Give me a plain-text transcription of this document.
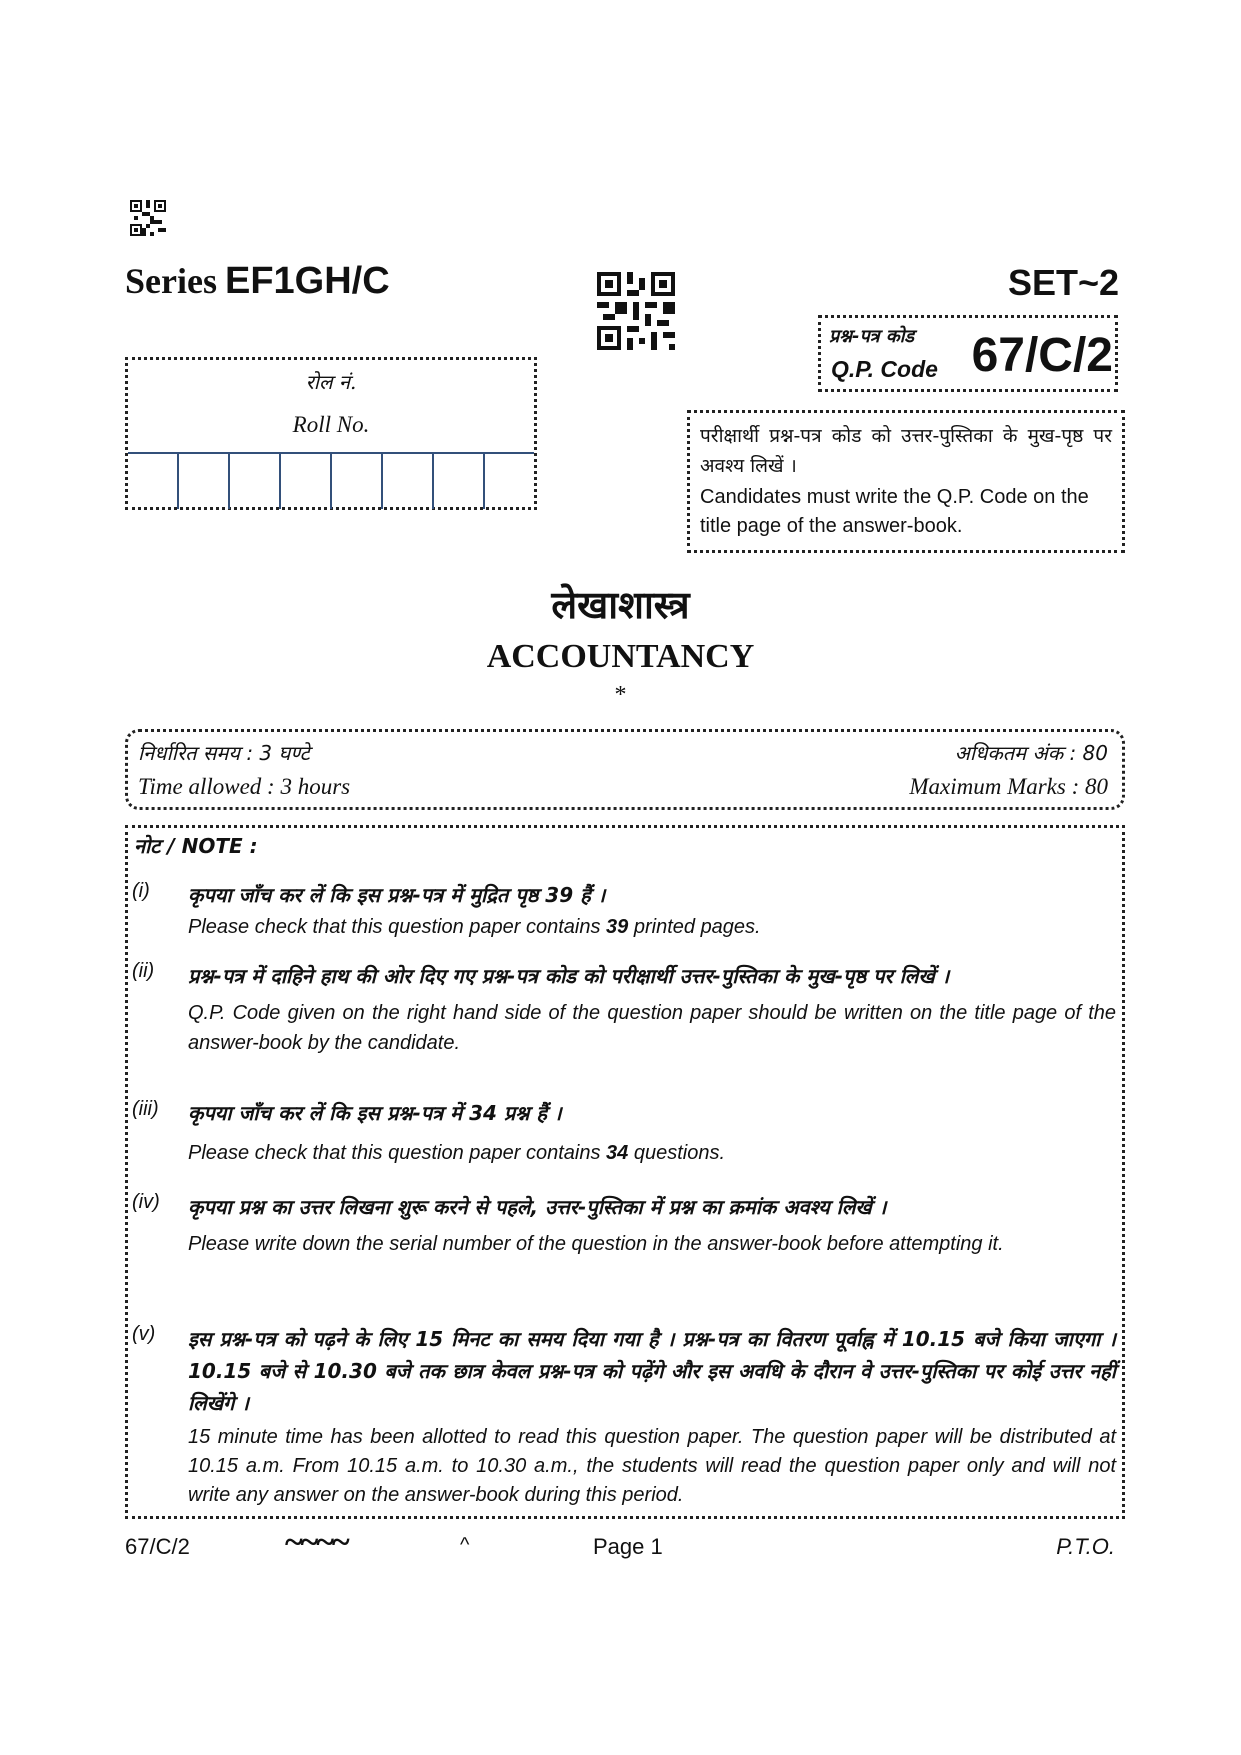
Series EF1GH/C	SET~2
प्रश्न-पत्र कोड
Q.P. Code 67/C/2
रोल नं.
Roll No.	परीक्षार्थी प्रश्न-पत्र कोड को उत्तर-पुस्तिका के मुख-पृष्ठ पर अवश्य लिखें ।
Candidates must write the Q.P. Code on the title page of the answer-book.
लेखाशास्त्र
ACCOUNTANCY
*
निर्धारित समय : 3 घण्टे
Time allowed : 3 hours
अधिकतम अंक : 80
Maximum Marks : 80
नोट / NOTE :
(i) कृपया जाँच कर लें कि इस प्रश्न-पत्र में मुद्रित पृष्ठ 39 हैं ।
Please check that this question paper contains 39 printed pages.
(ii) प्रश्न-पत्र में दाहिने हाथ की ओर दिए गए प्रश्न-पत्र कोड को परीक्षार्थी उत्तर-पुस्तिका के मुख-पृष्ठ पर लिखें ।
Q.P. Code given on the right hand side of the question paper should be written on the title page of the answer-book by the candidate.
(iii) कृपया जाँच कर लें कि इस प्रश्न-पत्र में 34 प्रश्न हैं ।
Please check that this question paper contains 34 questions.
(iv) कृपया प्रश्न का उत्तर लिखना शुरू करने से पहले, उत्तर-पुस्तिका में प्रश्न का क्रमांक अवश्य लिखें ।
Please write down the serial number of the question in the answer-book before attempting it.
(v) इस प्रश्न-पत्र को पढ़ने के लिए 15 मिनट का समय दिया गया है । प्रश्न-पत्र का वितरण पूर्वाह्न में 10.15 बजे किया जाएगा । 10.15 बजे से 10.30 बजे तक छात्र केवल प्रश्न-पत्र को पढ़ेंगे और इस अवधि के दौरान वे उत्तर-पुस्तिका पर कोई उत्तर नहीं लिखेंगे ।
15 minute time has been allotted to read this question paper. The question paper will be distributed at 10.15 a.m. From 10.15 a.m. to 10.30 a.m., the students will read the question paper only and will not write any answer on the answer-book during this period.
67/C/2	~~~~	^	Page 1	P.T.O.
